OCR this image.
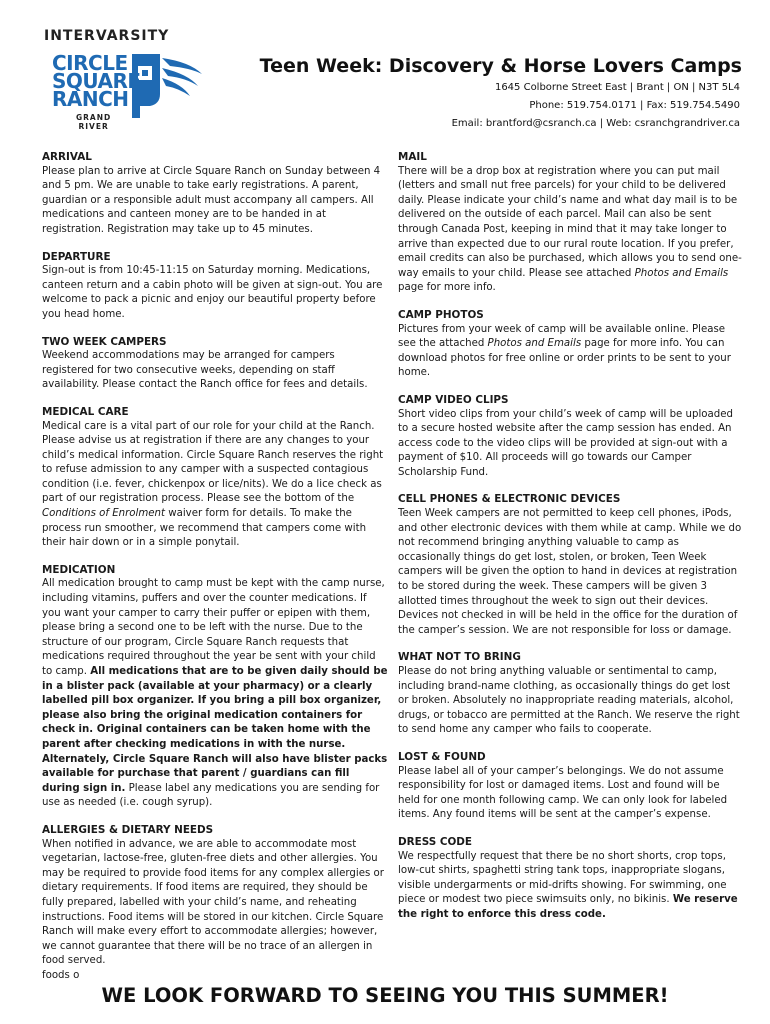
INTERVARSITY
CIRCLE
SQUARE
RANCH
GRAND
RIVER
Teen Week: Discovery & Horse Lovers Camps
1645 Colborne Street East | Brant | ON | N3T 5L4
Phone: 519.754.0171 | Fax: 519.754.5490
Email: brantford@csranch.ca | Web: csranchgrandriver.ca
ARRIVAL

Please plan to arrive at Circle Square Ranch on Sunday between 4 and 5 pm. We are unable to take early registrations. A parent, guardian or a responsible adult must accompany all campers. All medications and canteen money are to be handed in at registration. Registration may take up to 45 minutes.

DEPARTURE

Sign-out is from 10:45-11:15 on Saturday morning. Medications, canteen return and a cabin photo will be given at sign-out. You are welcome to pack a picnic and enjoy our beautiful property before you head home.

TWO WEEK CAMPERS

Weekend accommodations may be arranged for campers registered for two consecutive weeks, depending on staff availability. Please contact the Ranch office for fees and details.

MEDICAL CARE

Medical care is a vital part of our role for your child at the Ranch. Please advise us at registration if there are any changes to your child’s medical information. Circle Square Ranch reserves the right to refuse admission to any camper with a suspected contagious condition (i.e. fever, chickenpox or lice/nits). We do a lice check as part of our registration process. Please see the bottom of the Conditions of Enrolment waiver form for details. To make the process run smoother, we recommend that campers come with their hair down or in a simple ponytail.

MEDICATION

All medication brought to camp must be kept with the camp nurse, including vitamins, puffers and over the counter medications. If you want your camper to carry their puffer or epipen with them, please bring a second one to be left with the nurse. Due to the structure of our program, Circle Square Ranch requests that medications required throughout the year be sent with your child to camp. All medications that are to be given daily should be in a blister pack (available at your pharmacy) or a clearly labelled pill box organizer. If you bring a pill box organizer, please also bring the original medication containers for check in. Original containers can be taken home with the parent after checking medications in with the nurse. Alternately, Circle Square Ranch will also have blister packs available for purchase that parent / guardians can fill during sign in. Please label any medications you are sending for use as needed (i.e. cough syrup).

ALLERGIES & DIETARY NEEDS

When notified in advance, we are able to accommodate most vegetarian, lactose-free, gluten-free diets and other allergies. You may be required to provide food items for any complex allergies or dietary requirements. If food items are required, they should be fully prepared, labelled with your child’s name, and reheating instructions. Food items will be stored in our kitchen. Circle Square Ranch will make every effort to accommodate allergies; however, we cannot guarantee that there will be no trace of an allergen in food served.

foods o

MAIL

There will be a drop box at registration where you can put mail (letters and small nut free parcels) for your child to be delivered daily. Please indicate your child’s name and what day mail is to be delivered on the outside of each parcel. Mail can also be sent through Canada Post, keeping in mind that it may take longer to arrive than expected due to our rural route location. If you prefer, email credits can also be purchased, which allows you to send one-way emails to your child. Please see attached Photos and Emails page for more info.

CAMP PHOTOS

Pictures from your week of camp will be available online. Please see the attached Photos and Emails page for more info. You can download photos for free online or order prints to be sent to your home.

CAMP VIDEO CLIPS

Short video clips from your child’s week of camp will be uploaded to a secure hosted website after the camp session has ended. An access code to the video clips will be provided at sign-out with a payment of $10. All proceeds will go towards our Camper Scholarship Fund.

CELL PHONES & ELECTRONIC DEVICES

Teen Week campers are not permitted to keep cell phones, iPods, and other electronic devices with them while at camp. While we do not recommend bringing anything valuable to camp as occasionally things do get lost, stolen, or broken, Teen Week campers will be given the option to hand in devices at registration to be stored during the week. These campers will be given 3 allotted times throughout the week to sign out their devices. Devices not checked in will be held in the office for the duration of the camper’s session. We are not responsible for loss or damage.

WHAT NOT TO BRING

Please do not bring anything valuable or sentimental to camp, including brand-name clothing, as occasionally things do get lost or broken. Absolutely no inappropriate reading materials, alcohol, drugs, or tobacco are permitted at the Ranch. We reserve the right to send home any camper who fails to cooperate.

LOST & FOUND

Please label all of your camper’s belongings. We do not assume responsibility for lost or damaged items. Lost and found will be held for one month following camp. We can only look for labeled items. Any found items will be sent at the camper’s expense.

DRESS CODE

We respectfully request that there be no short shorts, crop tops, low-cut shirts, spaghetti string tank tops, inappropriate slogans, visible undergarments or mid-drifts showing. For swimming, one piece or modest two piece swimsuits only, no bikinis. We reserve the right to enforce this dress code.

WE LOOK FORWARD TO SEEING YOU THIS SUMMER!
